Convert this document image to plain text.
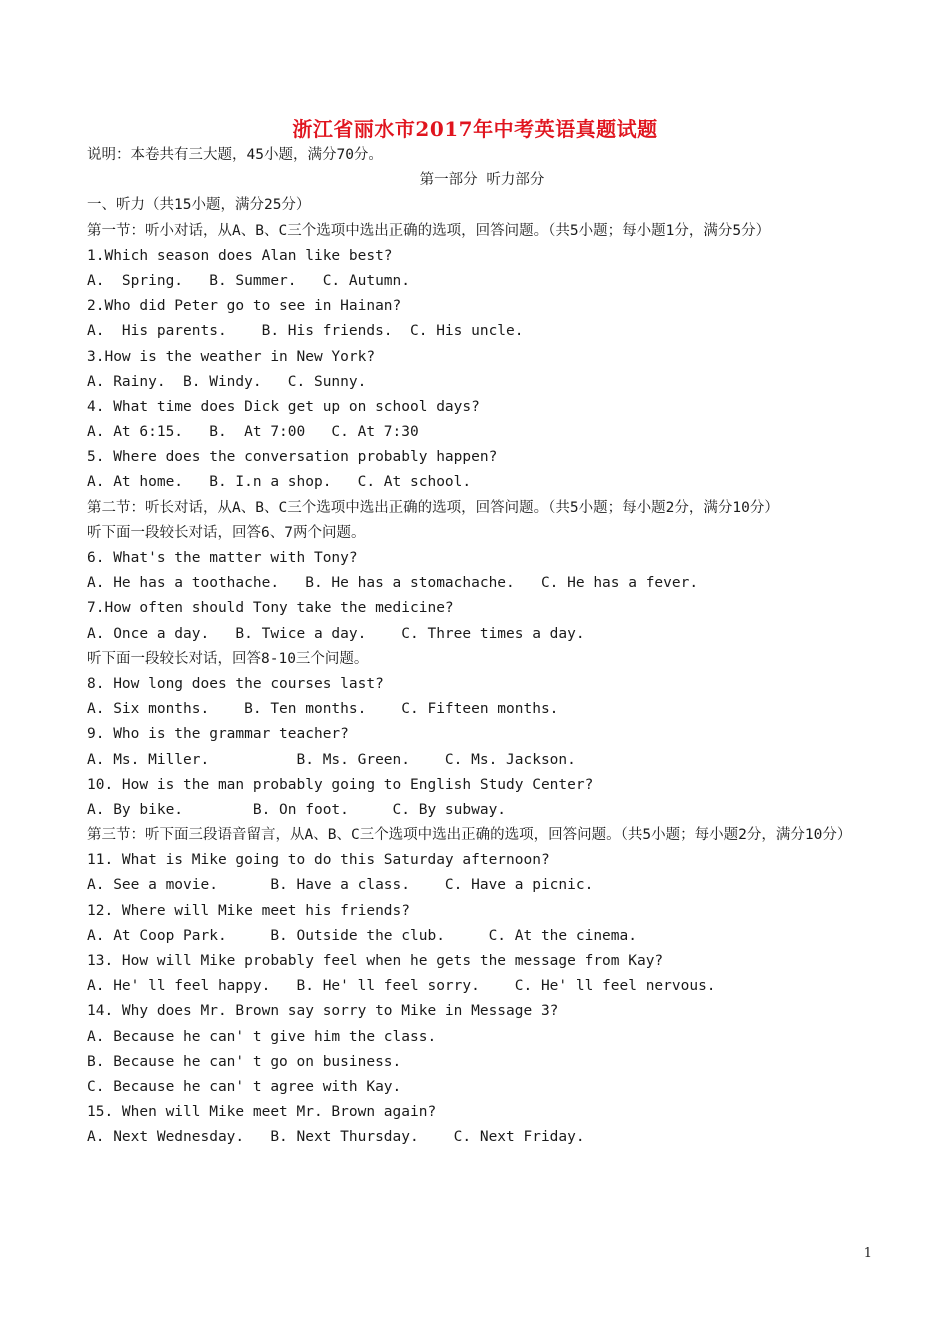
浙江省丽水市2017年中考英语真题试题
说明：本卷共有三大题，45小题，满分70分。
第一部分 听力部分
一、听力（共15小题，满分25分）
第一节：听小对话，从A、B、C三个选项中选出正确的选项，回答问题。（共5小题；每小题1分，满分5分）
1.Which season does Alan like best?
A.  Spring.   B. Summer.   C. Autumn.
2.Who did Peter go to see in Hainan?
A.  His parents.    B. His friends.  C. His uncle.
3.How is the weather in New York?
A. Rainy.  B. Windy.   C. Sunny.
4. What time does Dick get up on school days?
A. At 6:15.   B.  At 7:00   C. At 7:30
5. Where does the conversation probably happen?
A. At home.   B. I.n a shop.   C. At school.
第二节：听长对话，从A、B、C三个选项中选出正确的选项，回答问题。（共5小题；每小题2分，满分10分）
听下面一段较长对话，回答6、7两个问题。
6. What's the matter with Tony?
A. He has a toothache.   B. He has a stomachache.   C. He has a fever.
7.How often should Tony take the medicine?
A. Once a day.   B. Twice a day.    C. Three times a day.
听下面一段较长对话，回答8-10三个问题。
8. How long does the courses last?
A. Six months.    B. Ten months.    C. Fifteen months.
9. Who is the grammar teacher?
A. Ms. Miller.          B. Ms. Green.    C. Ms. Jackson.
10. How is the man probably going to English Study Center?
A. By bike.        B. On foot.     C. By subway.
第三节：听下面三段语音留言，从A、B、C三个选项中选出正确的选项，回答问题。（共5小题；每小题2分，满分10分）
11. What is Mike going to do this Saturday afternoon?
A. See a movie.      B. Have a class.    C. Have a picnic.
12. Where will Mike meet his friends?
A. At Coop Park.     B. Outside the club.     C. At the cinema.
13. How will Mike probably feel when he gets the message from Kay?
A. He' ll feel happy.   B. He' ll feel sorry.    C. He' ll feel nervous.
14. Why does Mr. Brown say sorry to Mike in Message 3?
A. Because he can' t give him the class.
B. Because he can' t go on business.
C. Because he can' t agree with Kay.
15. When will Mike meet Mr. Brown again?
A. Next Wednesday.   B. Next Thursday.    C. Next Friday.
1
